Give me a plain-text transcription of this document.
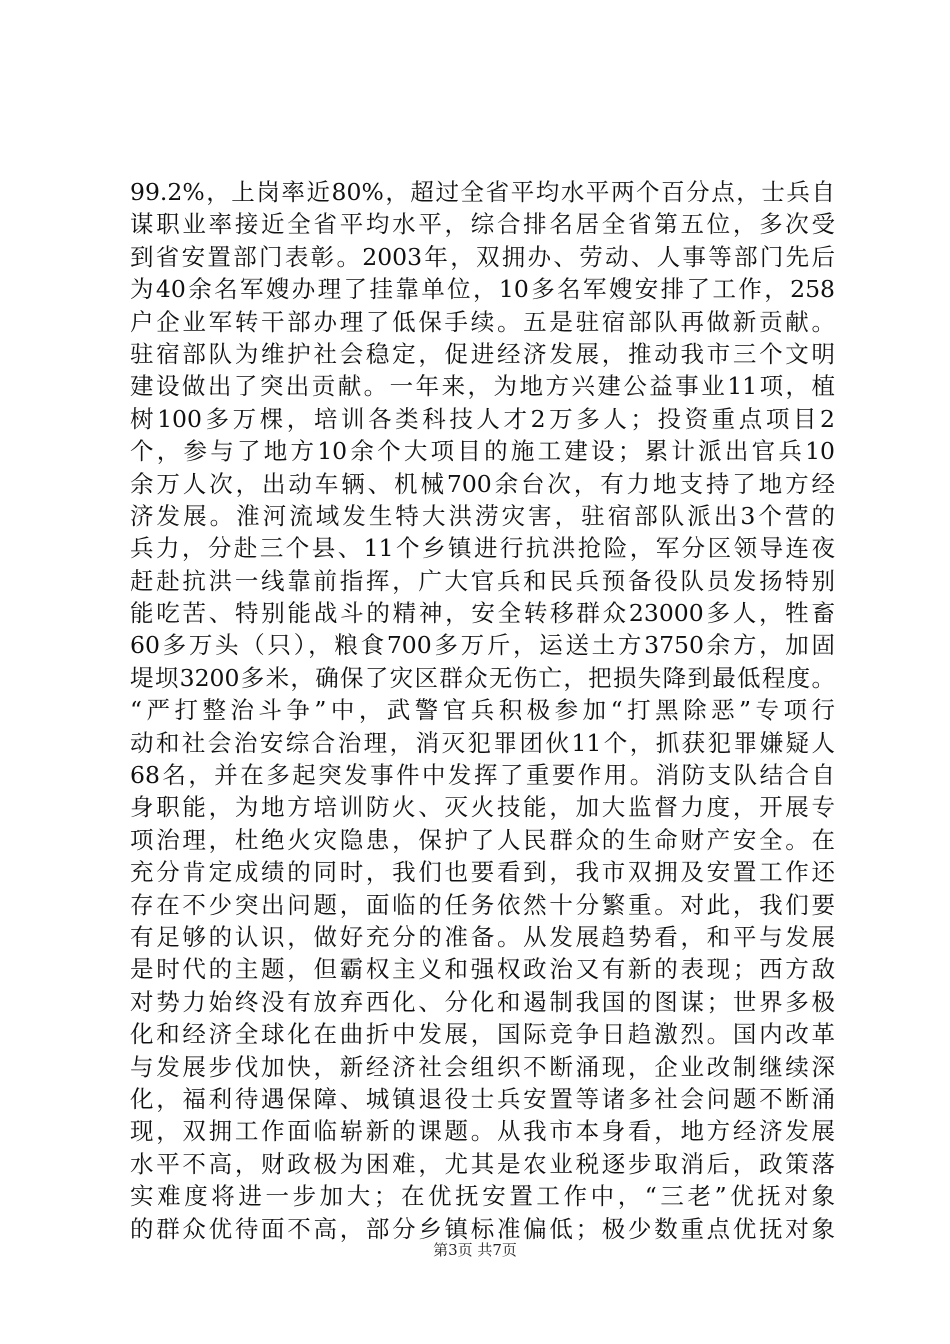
99.2%，上岗率近80%，超过全省平均水平两个百分点，士兵自
谋职业率接近全省平均水平，综合排名居全省第五位，多次受
到省安置部门表彰。2003年，双拥办、劳动、人事等部门先后
为40余名军嫂办理了挂靠单位，10多名军嫂安排了工作，258
户企业军转干部办理了低保手续。五是驻宿部队再做新贡献。
驻宿部队为维护社会稳定，促进经济发展，推动我市三个文明
建设做出了突出贡献。一年来，为地方兴建公益事业11项，植
树100多万棵，培训各类科技人才2万多人；投资重点项目2
个，参与了地方10余个大项目的施工建设；累计派出官兵10
余万人次，出动车辆、机械700余台次，有力地支持了地方经
济发展。淮河流域发生特大洪涝灾害，驻宿部队派出3个营的
兵力，分赴三个县、11个乡镇进行抗洪抢险，军分区领导连夜
赶赴抗洪一线靠前指挥，广大官兵和民兵预备役队员发扬特别
能吃苦、特别能战斗的精神，安全转移群众23000多人，牲畜
60多万头（只），粮食700多万斤，运送土方3750余方，加固
堤坝3200多米，确保了灾区群众无伤亡，把损失降到最低程度。
“严打整治斗争”中，武警官兵积极参加“打黑除恶”专项行
动和社会治安综合治理，消灭犯罪团伙11个，抓获犯罪嫌疑人
68名，并在多起突发事件中发挥了重要作用。消防支队结合自
身职能，为地方培训防火、灭火技能，加大监督力度，开展专
项治理，杜绝火灾隐患，保护了人民群众的生命财产安全。在
充分肯定成绩的同时，我们也要看到，我市双拥及安置工作还
存在不少突出问题，面临的任务依然十分繁重。对此，我们要
有足够的认识，做好充分的准备。从发展趋势看，和平与发展
是时代的主题，但霸权主义和强权政治又有新的表现；西方敌
对势力始终没有放弃西化、分化和遏制我国的图谋；世界多极
化和经济全球化在曲折中发展，国际竞争日趋激烈。国内改革
与发展步伐加快，新经济社会组织不断涌现，企业改制继续深
化，福利待遇保障、城镇退役士兵安置等诸多社会问题不断涌
现，双拥工作面临崭新的课题。从我市本身看，地方经济发展
水平不高，财政极为困难，尤其是农业税逐步取消后，政策落
实难度将进一步加大；在优抚安置工作中，“三老”优抚对象
的群众优待面不高，部分乡镇标准偏低；极少数重点优抚对象
第3页 共7页
